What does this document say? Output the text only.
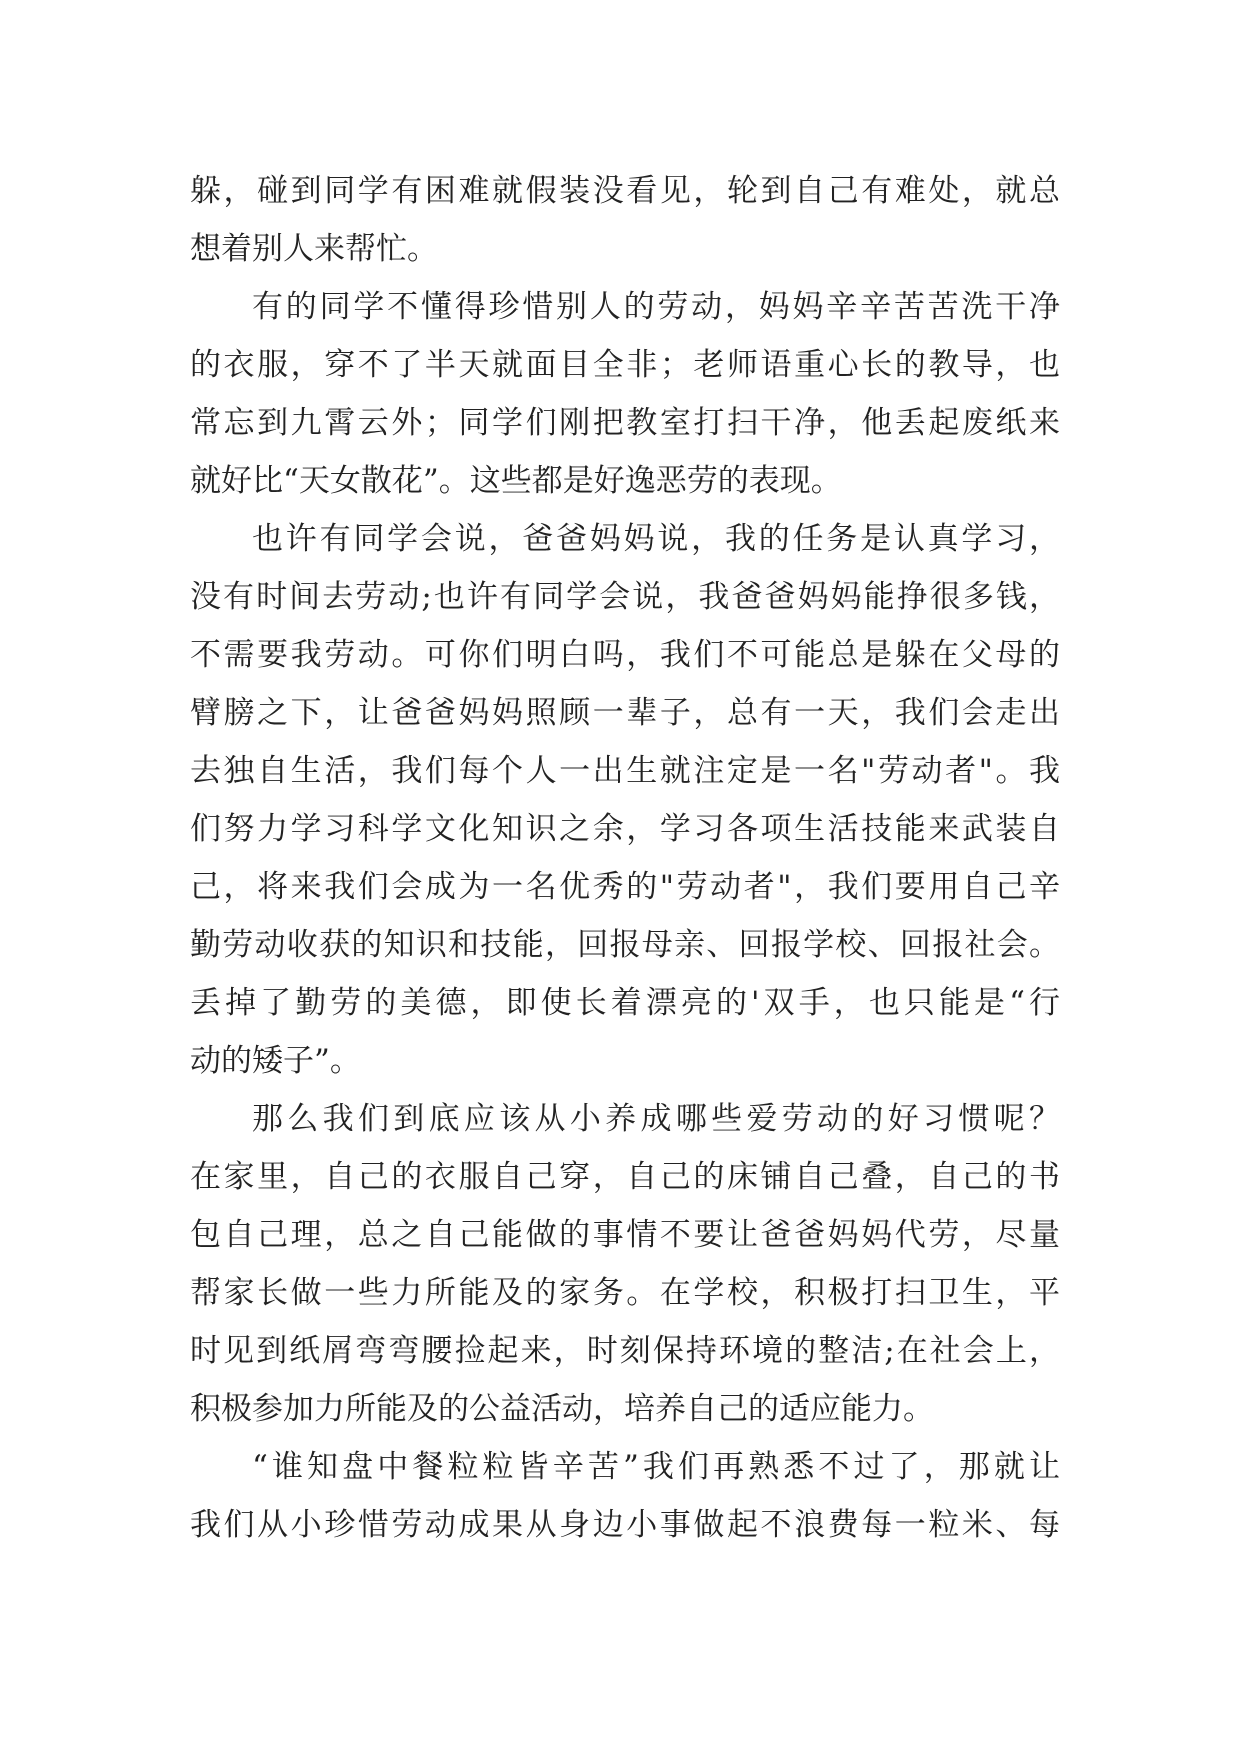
躲，碰到同学有困难就假装没看见，轮到自己有难处，就总
想着别人来帮忙。
有的同学不懂得珍惜别人的劳动，妈妈辛辛苦苦洗干净
的衣服，穿不了半天就面目全非；老师语重心长的教导，也
常忘到九霄云外；同学们刚把教室打扫干净，他丢起废纸来
就好比“天女散花”。这些都是好逸恶劳的表现。
也许有同学会说，爸爸妈妈说，我的任务是认真学习，
没有时间去劳动;也许有同学会说，我爸爸妈妈能挣很多钱，
不需要我劳动。可你们明白吗，我们不可能总是躲在父母的
臂膀之下，让爸爸妈妈照顾一辈子，总有一天，我们会走出
去独自生活，我们每个人一出生就注定是一名"劳动者"。我
们努力学习科学文化知识之余，学习各项生活技能来武装自
己，将来我们会成为一名优秀的"劳动者"，我们要用自己辛
勤劳动收获的知识和技能，回报母亲、回报学校、回报社会。
丢掉了勤劳的美德，即使长着漂亮的'双手，也只能是“行
动的矮子”。
那么我们到底应该从小养成哪些爱劳动的好习惯呢？
在家里，自己的衣服自己穿，自己的床铺自己叠，自己的书
包自己理，总之自己能做的事情不要让爸爸妈妈代劳，尽量
帮家长做一些力所能及的家务。在学校，积极打扫卫生，平
时见到纸屑弯弯腰捡起来，时刻保持环境的整洁;在社会上，
积极参加力所能及的公益活动，培养自己的适应能力。
“谁知盘中餐粒粒皆辛苦”我们再熟悉不过了，那就让
我们从小珍惜劳动成果从身边小事做起不浪费每一粒米、每
